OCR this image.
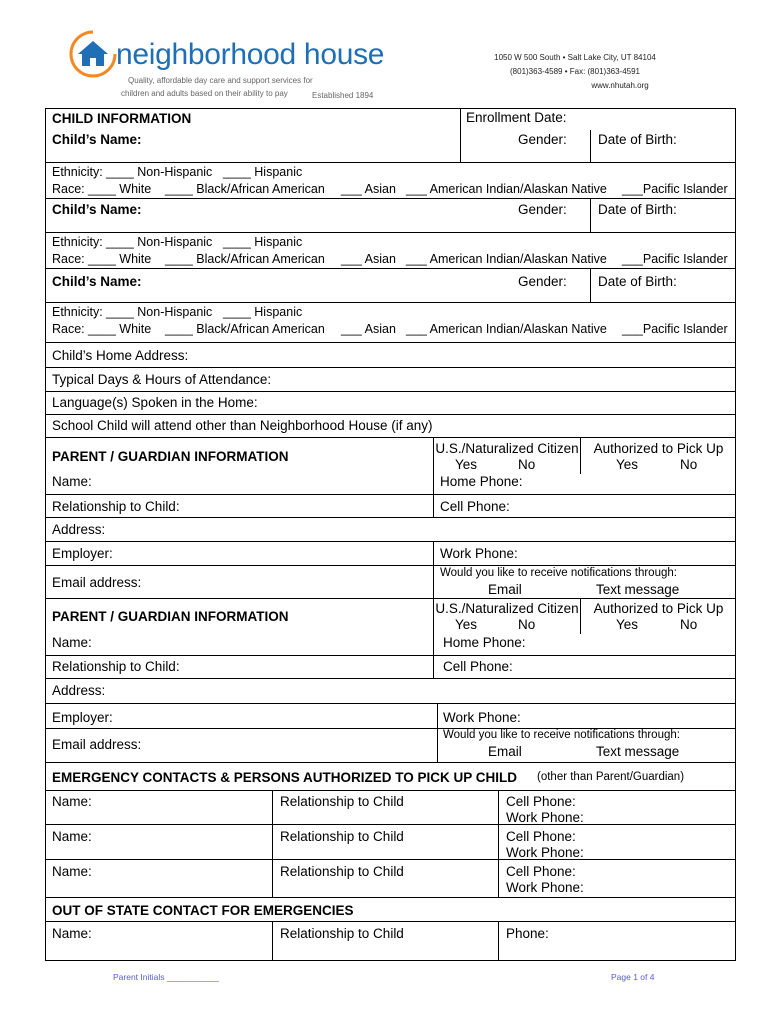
neighborhood house
Quality, affordable day care and support services for
children and adults based on their ability to pay	Established 1894
1050 W 500 South • Salt Lake City, UT 84104
(801)363-4589 • Fax: (801)363-4591
www.nhutah.org
CHILD INFORMATION	Enrollment Date:
Child’s Name:	Gender: Date of Birth:
Ethnicity: ____ Non-Hispanic ____ Hispanic
Race: ____ White ____ Black/African American ___ Asian ___ American Indian/Alaskan Native ___Pacific Islander
Child’s Name:	Gender: Date of Birth:
Ethnicity: ____ Non-Hispanic ____ Hispanic
Race: ____ White ____ Black/African American ___ Asian ___ American Indian/Alaskan Native ___Pacific Islander
Child’s Name:	Gender: Date of Birth:
Ethnicity: ____ Non-Hispanic ____ Hispanic
Race: ____ White ____ Black/African American ___ Asian ___ American Indian/Alaskan Native ___Pacific Islander
Child’s Home Address:
Typical Days & Hours of Attendance:
Language(s) Spoken in the Home:
School Child will attend other than Neighborhood House (if any)
PARENT / GUARDIAN INFORMATION
U.S./Naturalized Citizen
Yes	No
Authorized to Pick Up
Yes	No
Name:	Home Phone:
Relationship to Child:	Cell Phone:
Address:
Employer:	Work Phone:
Email address:
Would you like to receive notifications through:
Email	Text message
PARENT / GUARDIAN INFORMATION
U.S./Naturalized Citizen
Yes	No
Authorized to Pick Up
Yes	No
Name:	Home Phone:
Relationship to Child:	Cell Phone:
Address:
Employer:	Work Phone:
Email address:
Would you like to receive notifications through:
Email	Text message
EMERGENCY CONTACTS & PERSONS AUTHORIZED TO PICK UP CHILD (other than Parent/Guardian)
Name:	Relationship to Child	Cell Phone:
Work Phone:
Name:	Relationship to Child	Cell Phone:
Work Phone:
Name:	Relationship to Child	Cell Phone:
Work Phone:
OUT OF STATE CONTACT FOR EMERGENCIES
Name:	Relationship to Child	Phone:
Parent Initials ___________	Page 1 of 4
